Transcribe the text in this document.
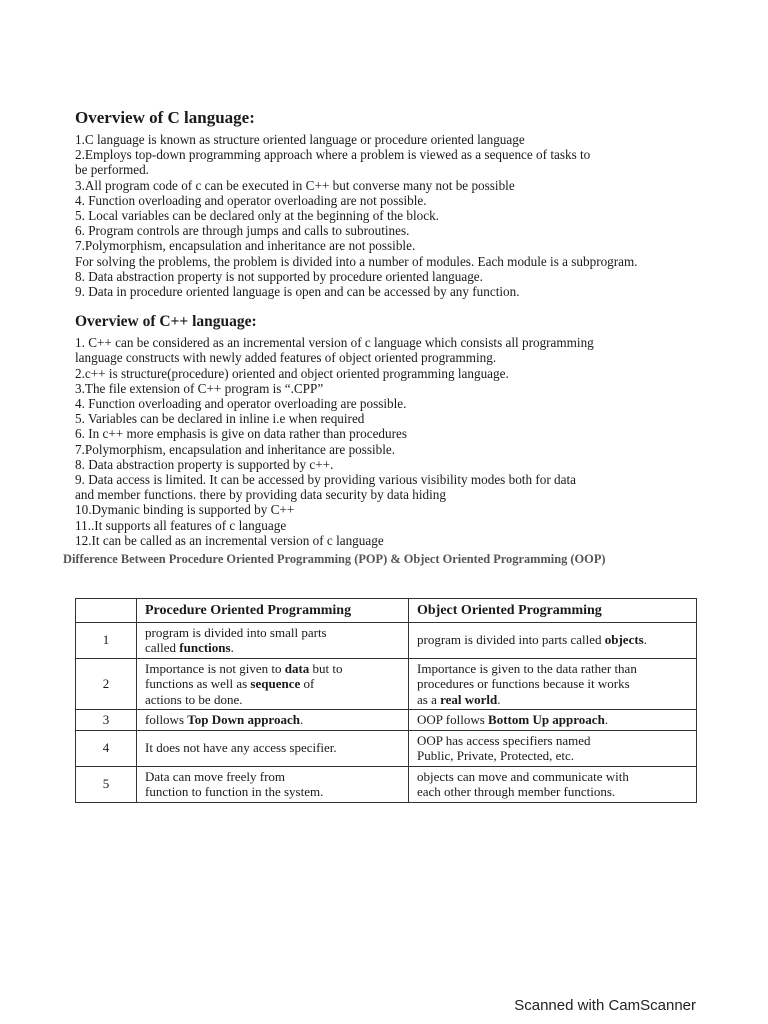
Overview of C language:

1.C language is known as structure oriented language or procedure oriented language

2.Employs top-down programming approach where a problem is viewed as a sequence of tasks to

be performed.

3.All program code of c can be executed in C++ but converse many not be possible

4. Function overloading and operator overloading are not possible.

5. Local variables can be declared only at the beginning of the block.

6. Program controls are through jumps and calls to subroutines.

7.Polymorphism, encapsulation and inheritance are not possible.

For solving the problems, the problem is divided into a number of modules. Each module is a subprogram.

8. Data abstraction property is not supported by procedure oriented language.

9. Data in procedure oriented language is open and can be accessed by any function.

Overview of C++ language:

1. C++ can be considered as an incremental version of c language which consists all programming

language constructs with newly added features of object oriented programming.

2.c++ is structure(procedure) oriented and object oriented programming language.

3.The file extension of C++ program is “.CPP”

4. Function overloading and operator overloading are possible.

5. Variables can be declared in inline i.e when required

6. In c++ more emphasis is give on data rather than procedures

7.Polymorphism, encapsulation and inheritance are possible.

8. Data abstraction property is supported by c++.

9. Data access is limited. It can be accessed by providing various visibility modes both for data

and member functions. there by providing data security by data hiding

10.Dymanic binding is supported by C++

11..It supports all features of c language

12.It can be called as an incremental version of c language

Difference Between Procedure Oriented Programming (POP) & Object Oriented Programming (OOP)
	Procedure Oriented Programming	Object Oriented Programming
1	program is divided into small parts
called functions.	program is divided into parts called objects.
2	Importance is not given to data but to
functions as well as sequence of
actions to be done.	Importance is given to the data rather than
procedures or functions because it works
as a real world.
3	follows Top Down approach.	OOP follows Bottom Up approach.
4	It does not have any access specifier.	OOP has access specifiers named
Public, Private, Protected, etc.
5	Data can move freely from
function to function in the system.	objects can move and communicate with
each other through member functions.
Scanned with CamScanner
